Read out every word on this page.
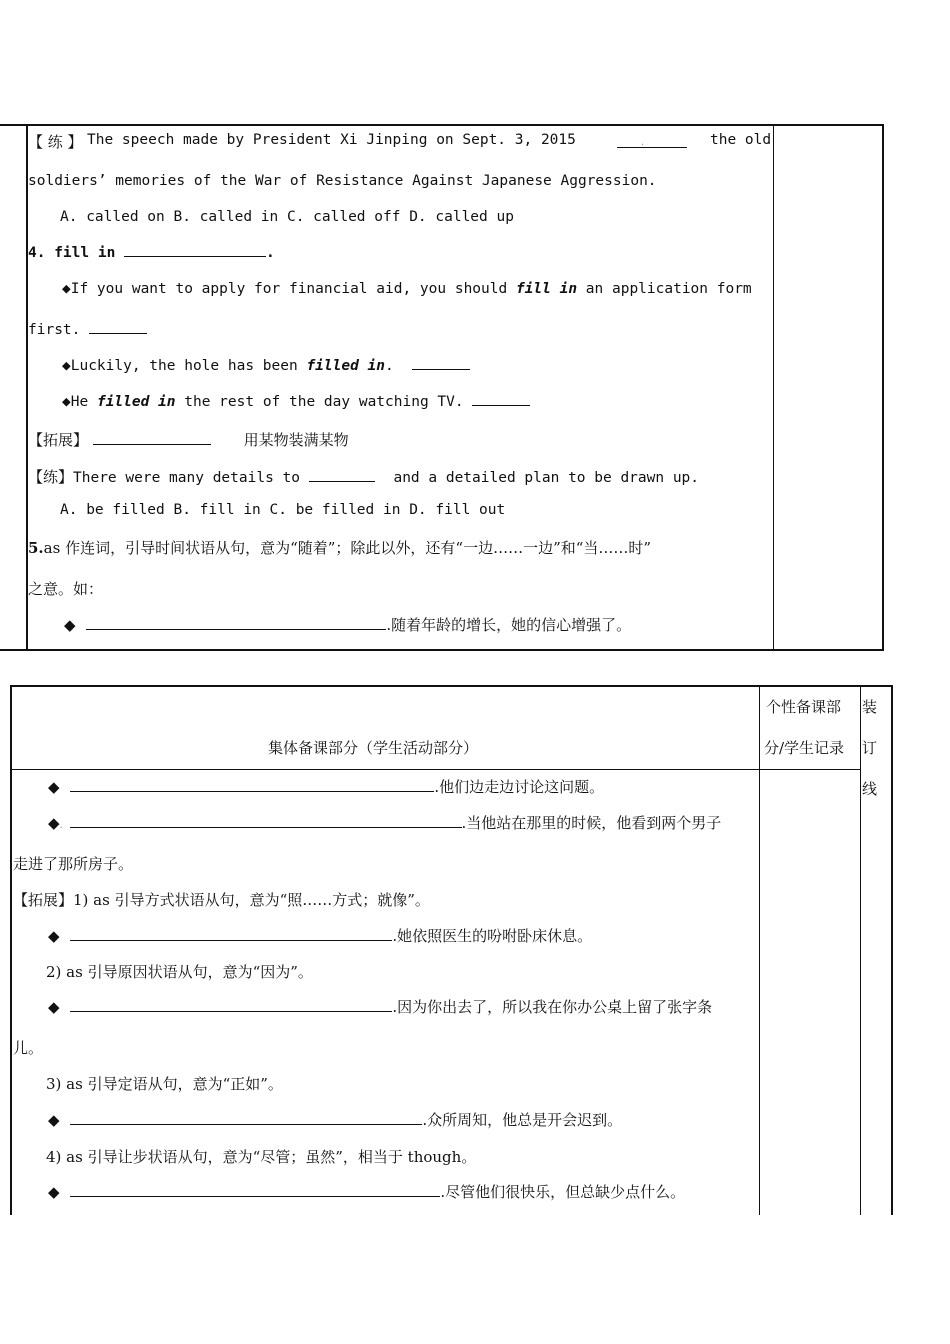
【 练 】 The speech made by President Xi Jinping on Sept. 3, 2015	.	the old
soldiers’ memories of the War of Resistance Against Japanese Aggression.
A. called on B. called in C. called off D. called up
4. fill in	.
◆If you want to apply for financial aid, you should fill in an application form
first.
◆Luckily, the hole has been filled in.
◆He filled in the rest of the day watching TV.
【拓展】	用某物装满某物
【练】There were many details to	and a detailed plan to be drawn up.
A. be filled B. fill in C. be filled in D. fill out
5.as 作连词，引导时间状语从句，意为“随着”；除此以外，还有“一边……一边”和“当……时”
之意。如：
◆	.随着年龄的增长，她的信心增强了。
集体备课部分（学生活动部分）
个性备课部
分/学生记录
装
订
线
◆	.他们边走边讨论这问题。
◆.	.当他站在那里的时候，他看到两个男子
走进了那所房子。
【拓展】1) as 引导方式状语从句，意为“照……方式；就像”。
◆	.她依照医生的吩咐卧床休息。
2) as 引导原因状语从句，意为“因为”。
◆	.因为你出去了，所以我在你办公桌上留了张字条
儿。
3) as 引导定语从句，意为“正如”。
◆	.众所周知，他总是开会迟到。
4) as 引导让步状语从句，意为“尽管；虽然”，相当于 though。
◆	.尽管他们很快乐，但总缺少点什么。
